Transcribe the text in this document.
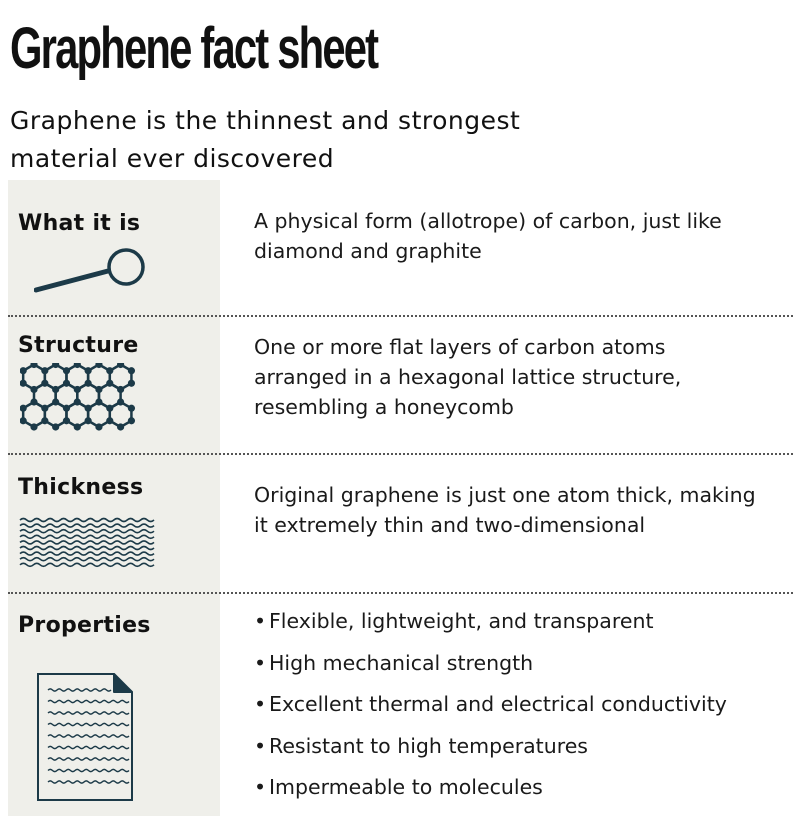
Graphene fact sheet

Graphene is the thinnest and strongest material ever discovered

What it is	A physical form (allotrope) of carbon, just like diamond and graphite

Structure	One or more flat layers of carbon atoms arranged in a hexagonal lattice structure, resembling a honeycomb

Thickness	Original graphene is just one atom thick, making it extremely thin and two-dimensional

Properties	• Flexible, lightweight, and transparent
• High mechanical strength
• Excellent thermal and electrical conductivity
• Resistant to high temperatures
• Impermeable to molecules
